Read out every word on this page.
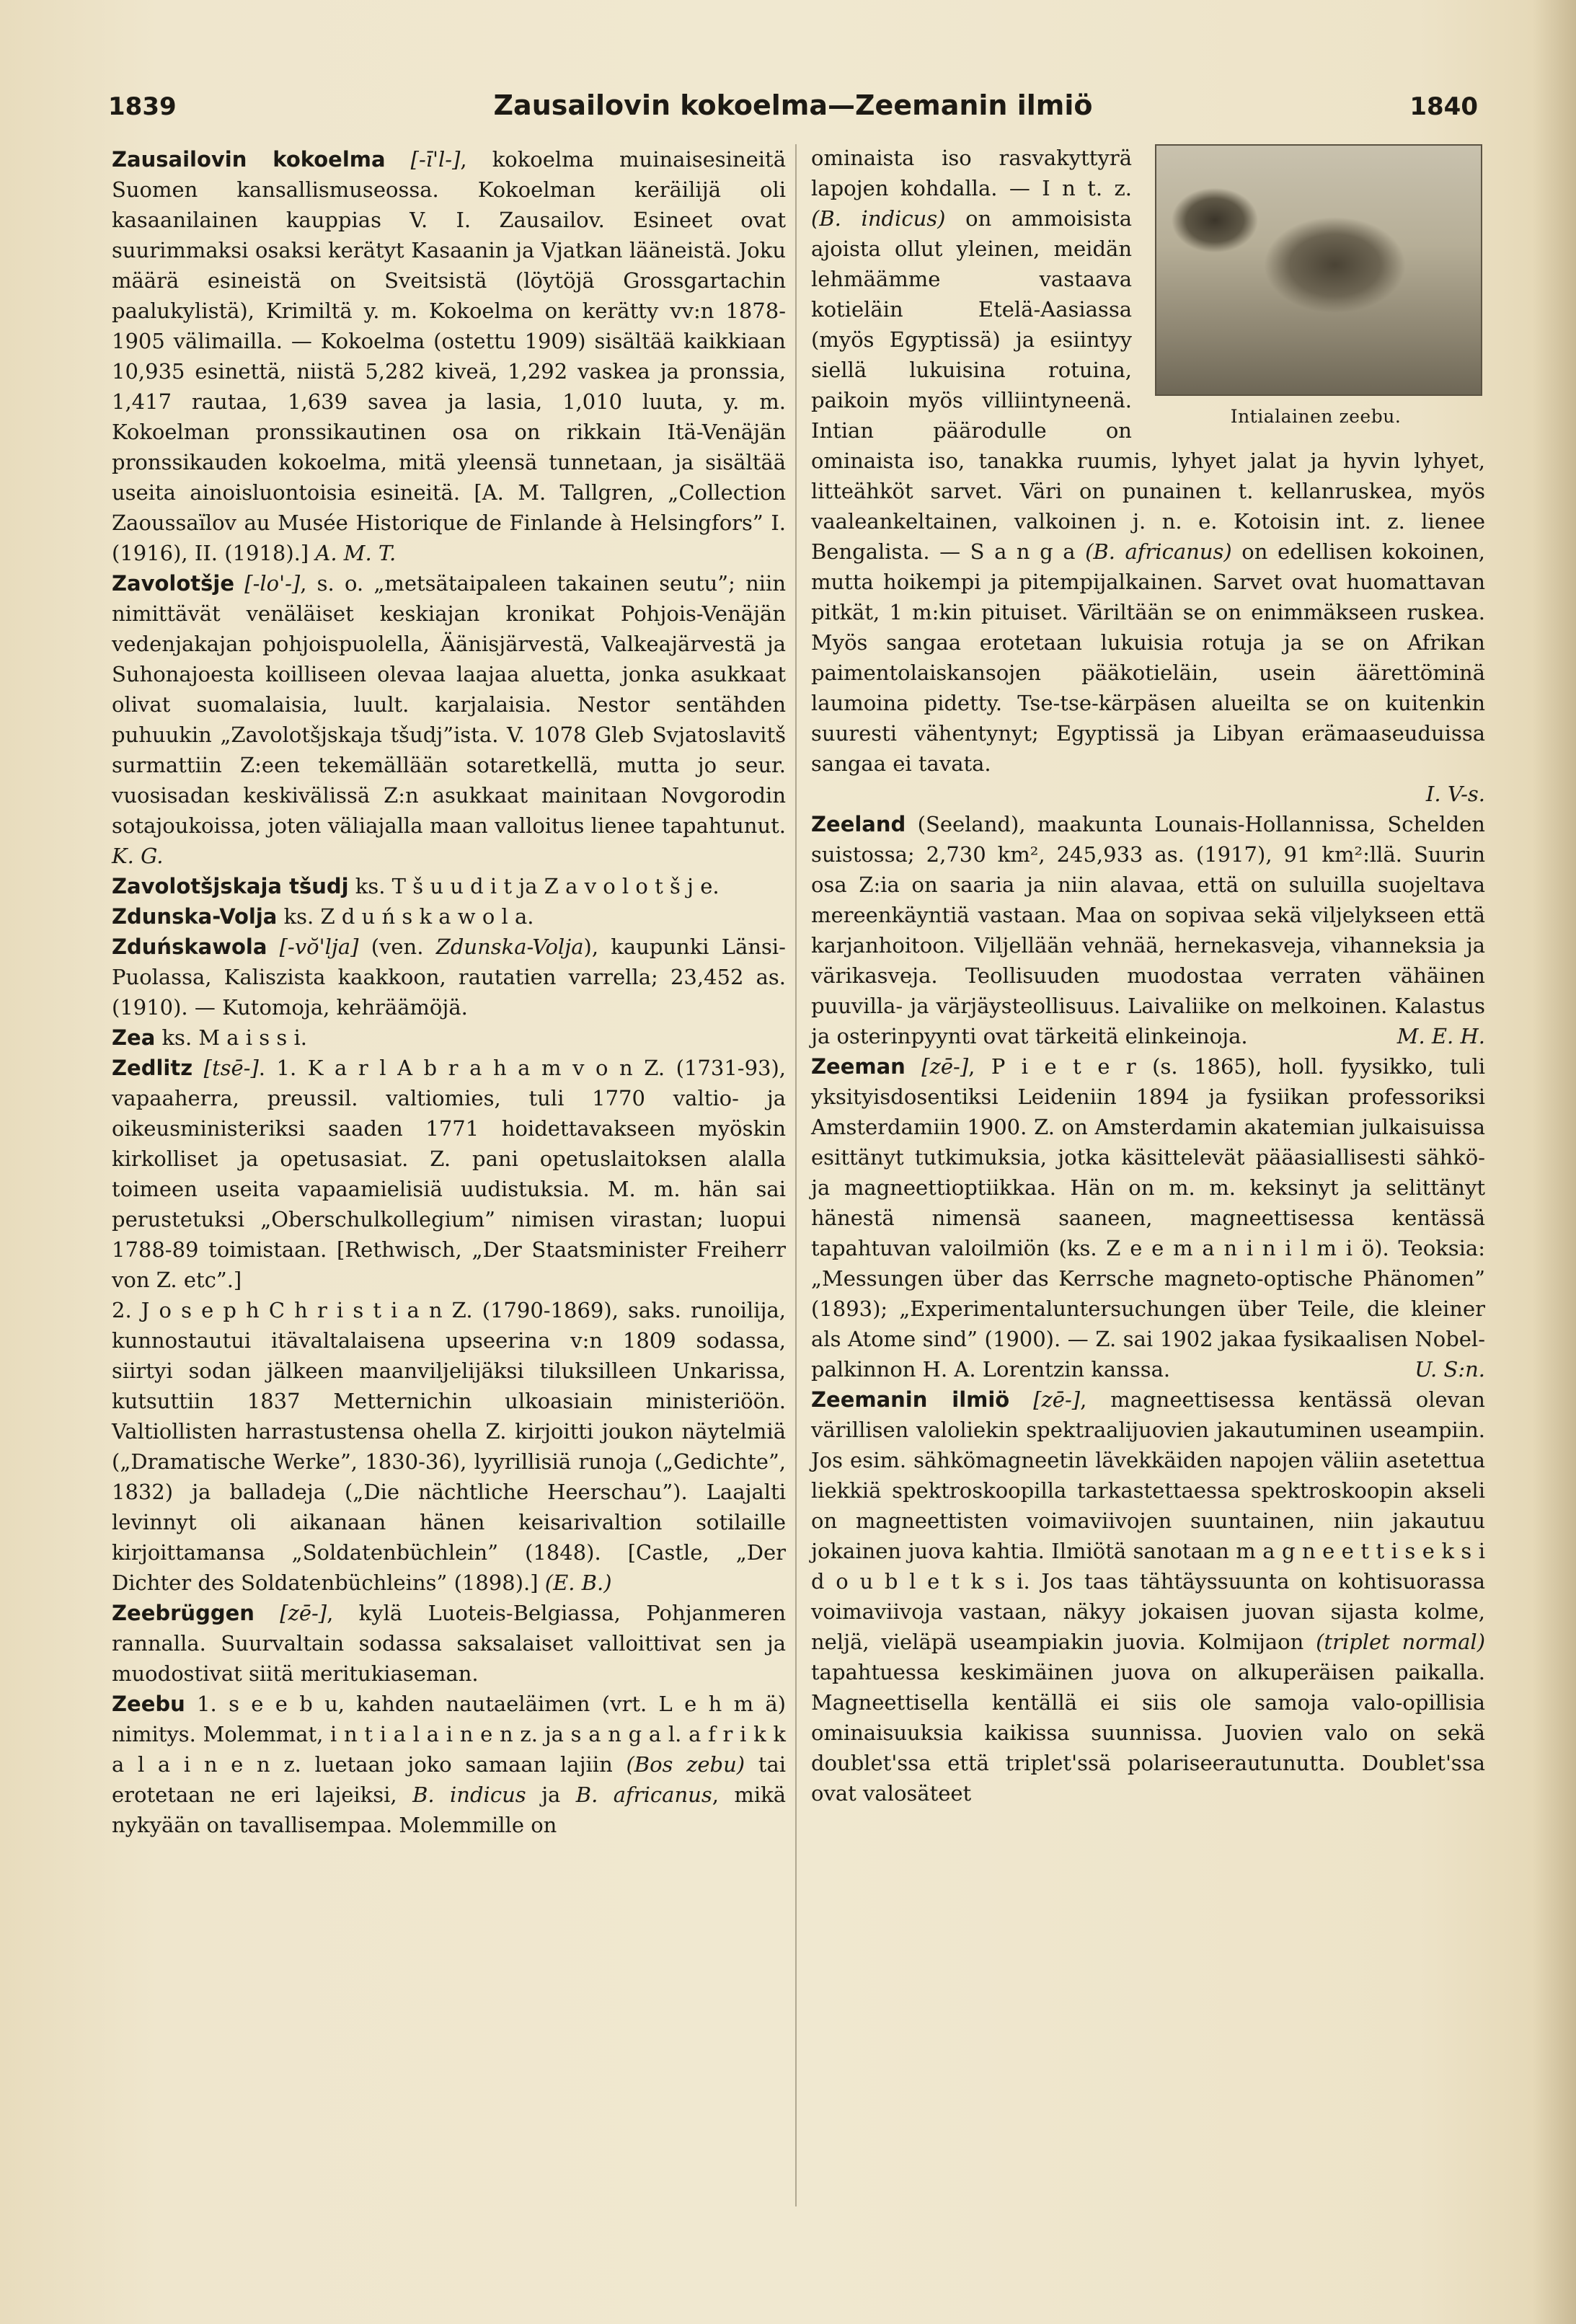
1839	Zausailovin kokoelma—Zeemanin ilmiö	1840

Zausailovin kokoelma [-ī'l-], kokoelma muinaisesineitä Suomen kansallismuseossa. Kokoelman keräilijä oli kasaanilainen kauppias V. I. Zausailov. Esineet ovat suurimmaksi osaksi kerätyt Kasaanin ja Vjatkan lääneistä. Joku määrä esineistä on Sveitsistä (löytöjä Grossgartachin paalukylistä), Krimiltä y. m. Kokoelma on kerätty vv:n 1878-1905 välimailla. — Kokoelma (ostettu 1909) sisältää kaikkiaan 10,935 esinettä, niistä 5,282 kiveä, 1,292 vaskea ja pronssia, 1,417 rautaa, 1,639 savea ja lasia, 1,010 luuta, y. m. Kokoelman pronssikautinen osa on rikkain Itä-Venäjän pronssikauden kokoelma, mitä yleensä tunnetaan, ja sisältää useita ainoisluontoisia esineitä. [A. M. Tallgren, „Collection Zaoussaïlov au Musée Historique de Finlande à Helsingfors” I. (1916), II. (1918).] A. M. T.

Zavolotšje [-lo'-], s. o. „metsätaipaleen takainen seutu”; niin nimittävät venäläiset keskiajan kronikat Pohjois-Venäjän vedenjakajan pohjoispuolella, Äänisjärvestä, Valkeajärvestä ja Suhonajoesta koilliseen olevaa laajaa aluetta, jonka asukkaat olivat suomalaisia, luult. karjalaisia. Nestor sentähden puhuukin „Zavolotšjskaja tšudj”ista. V. 1078 Gleb Svjatoslavitš surmattiin Z:een tekemällään sotaretkellä, mutta jo seur. vuosisadan keskivälissä Z:n asukkaat mainitaan Novgorodin sotajoukoissa, joten väliajalla maan valloitus lienee tapahtunut. K. G.

Zavolotšjskaja tšudj ks. T š u u d i t ja Z a v o l o t š j e.

Zdunska-Volja ks. Z d u ń s k a w o l a.

Zduńskawola [-vŏ'lja] (ven. Zdunska-Volja), kaupunki Länsi-Puolassa, Kaliszista kaakkoon, rautatien varrella; 23,452 as. (1910). — Kutomoja, kehräämöjä.

Zea ks. M a i s s i.

Zedlitz [tsē-]. 1. K a r l A b r a h a m v o n Z. (1731-93), vapaaherra, preussil. valtiomies, tuli 1770 valtio- ja oikeusministeriksi saaden 1771 hoidettavakseen myöskin kirkolliset ja opetusasiat. Z. pani opetuslaitoksen alalla toimeen useita vapaamielisiä uudistuksia. M. m. hän sai perustetuksi „Oberschulkollegium” nimisen virastan; luopui 1788-89 toimistaan. [Rethwisch, „Der Staatsminister Freiherr von Z. etc”.]

2. J o s e p h C h r i s t i a n Z. (1790-1869), saks. runoilija, kunnostautui itävaltalaisena upseerina v:n 1809 sodassa, siirtyi sodan jälkeen maanviljelijäksi tiluksilleen Unkarissa, kutsuttiin 1837 Metternichin ulkoasiain ministeriöön. Valtiollisten harrastustensa ohella Z. kirjoitti joukon näytelmiä („Dramatische Werke”, 1830-36), lyyrillisiä runoja („Gedichte”, 1832) ja balladeja („Die nächtliche Heerschau”). Laajalti levinnyt oli aikanaan hänen keisarivaltion sotilaille kirjoittamansa „Soldatenbüchlein” (1848). [Castle, „Der Dichter des Soldatenbüchleins” (1898).] (E. B.)

Zeebrüggen [zē-], kylä Luoteis-Belgiassa, Pohjanmeren rannalla. Suurvaltain sodassa saksalaiset valloittivat sen ja muodostivat siitä meritukiaseman.

Zeebu 1. s e e b u, kahden nautaeläimen (vrt. L e h m ä) nimitys. Molemmat, i n t i a l a i n e n z. ja s a n g a l. a f r i k k a l a i n e n z. luetaan joko samaan lajiin (Bos zebu) tai erotetaan ne eri lajeiksi, B. indicus ja B. africanus, mikä nykyään on tavallisempaa. Molemmille on

Intialainen zeebu.

ominaista iso rasvakyttyrä lapojen kohdalla. — I n t. z. (B. indicus) on ammoisista ajoista ollut yleinen, meidän lehmäämme vastaava kotieläin Etelä-Aasiassa (myös Egyptissä) ja esiintyy siellä lukuisina rotuina, paikoin myös villiintyneenä. Intian päärodulle on ominaista iso, tanakka ruumis, lyhyet jalat ja hyvin lyhyet, litteähköt sarvet. Väri on punainen t. kellanruskea, myös vaaleankeltainen, valkoinen j. n. e. Kotoisin int. z. lienee Bengalista. — S a n g a (B. africanus) on edellisen kokoinen, mutta hoikempi ja pitempijalkainen. Sarvet ovat huomattavan pitkät, 1 m:kin pituiset. Väriltään se on enimmäkseen ruskea. Myös sangaa erotetaan lukuisia rotuja ja se on Afrikan paimentolaiskansojen pääkotieläin, usein äärettöminä laumoina pidetty. Tse-tse-kärpäsen alueilta se on kuitenkin suuresti vähentynyt; Egyptissä ja Libyan erämaaseuduissa sangaa ei tavata.

I. V-s.

Zeeland (Seeland), maakunta Lounais-Hollannissa, Schelden suistossa; 2,730 km², 245,933 as. (1917), 91 km²:llä. Suurin osa Z:ia on saaria ja niin alavaa, että on suluilla suojeltava mereenkäyntiä vastaan. Maa on sopivaa sekä viljelykseen että karjanhoitoon. Viljellään vehnää, hernekasveja, vihanneksia ja värikasveja. Teollisuuden muodostaa verraten vähäinen puuvilla- ja värjäysteollisuus. Laivaliike on melkoinen. Kalastus ja osterinpyynti ovat tärkeitä elinkeinoja.	M. E. H.

Zeeman [zē-], P i e t e r (s. 1865), holl. fyysikko, tuli yksityisdosentiksi Leideniin 1894 ja fysiikan professoriksi Amsterdamiin 1900. Z. on Amsterdamin akatemian julkaisuissa esittänyt tutkimuksia, jotka käsittelevät pääasiallisesti sähkö- ja magneettioptiikkaa. Hän on m. m. keksinyt ja selittänyt hänestä nimensä saaneen, magneettisessa kentässä tapahtuvan valoilmiön (ks. Z e e m a n i n i l m i ö). Teoksia: „Messungen über das Kerrsche magneto-optische Phänomen” (1893); „Experimentaluntersuchungen über Teile, die kleiner als Atome sind” (1900). — Z. sai 1902 jakaa fysikaalisen Nobel-palkinnon H. A. Lorentzin kanssa.	U. S:n.

Zeemanin ilmiö [zē-], magneettisessa kentässä olevan värillisen valoliekin spektraalijuovien jakautuminen useampiin. Jos esim. sähkömagneetin lävekkäiden napojen väliin asetettua liekkiä spektroskoopilla tarkastettaessa spektroskoopin akseli on magneettisten voimaviivojen suuntainen, niin jakautuu jokainen juova kahtia. Ilmiötä sanotaan m a g n e e t t i s e k s i d o u b l e t k s i. Jos taas tähtäyssuunta on kohtisuorassa voimaviivoja vastaan, näkyy jokaisen juovan sijasta kolme, neljä, vieläpä useampiakin juovia. Kolmijaon (triplet normal) tapahtuessa keskimäinen juova on alkuperäisen paikalla. Magneettisella kentällä ei siis ole samoja valo-opillisia ominaisuuksia kaikissa suunnissa. Juovien valo on sekä doublet'ssa että triplet'ssä polariseerautunutta. Doublet'ssa ovat valosäteet
